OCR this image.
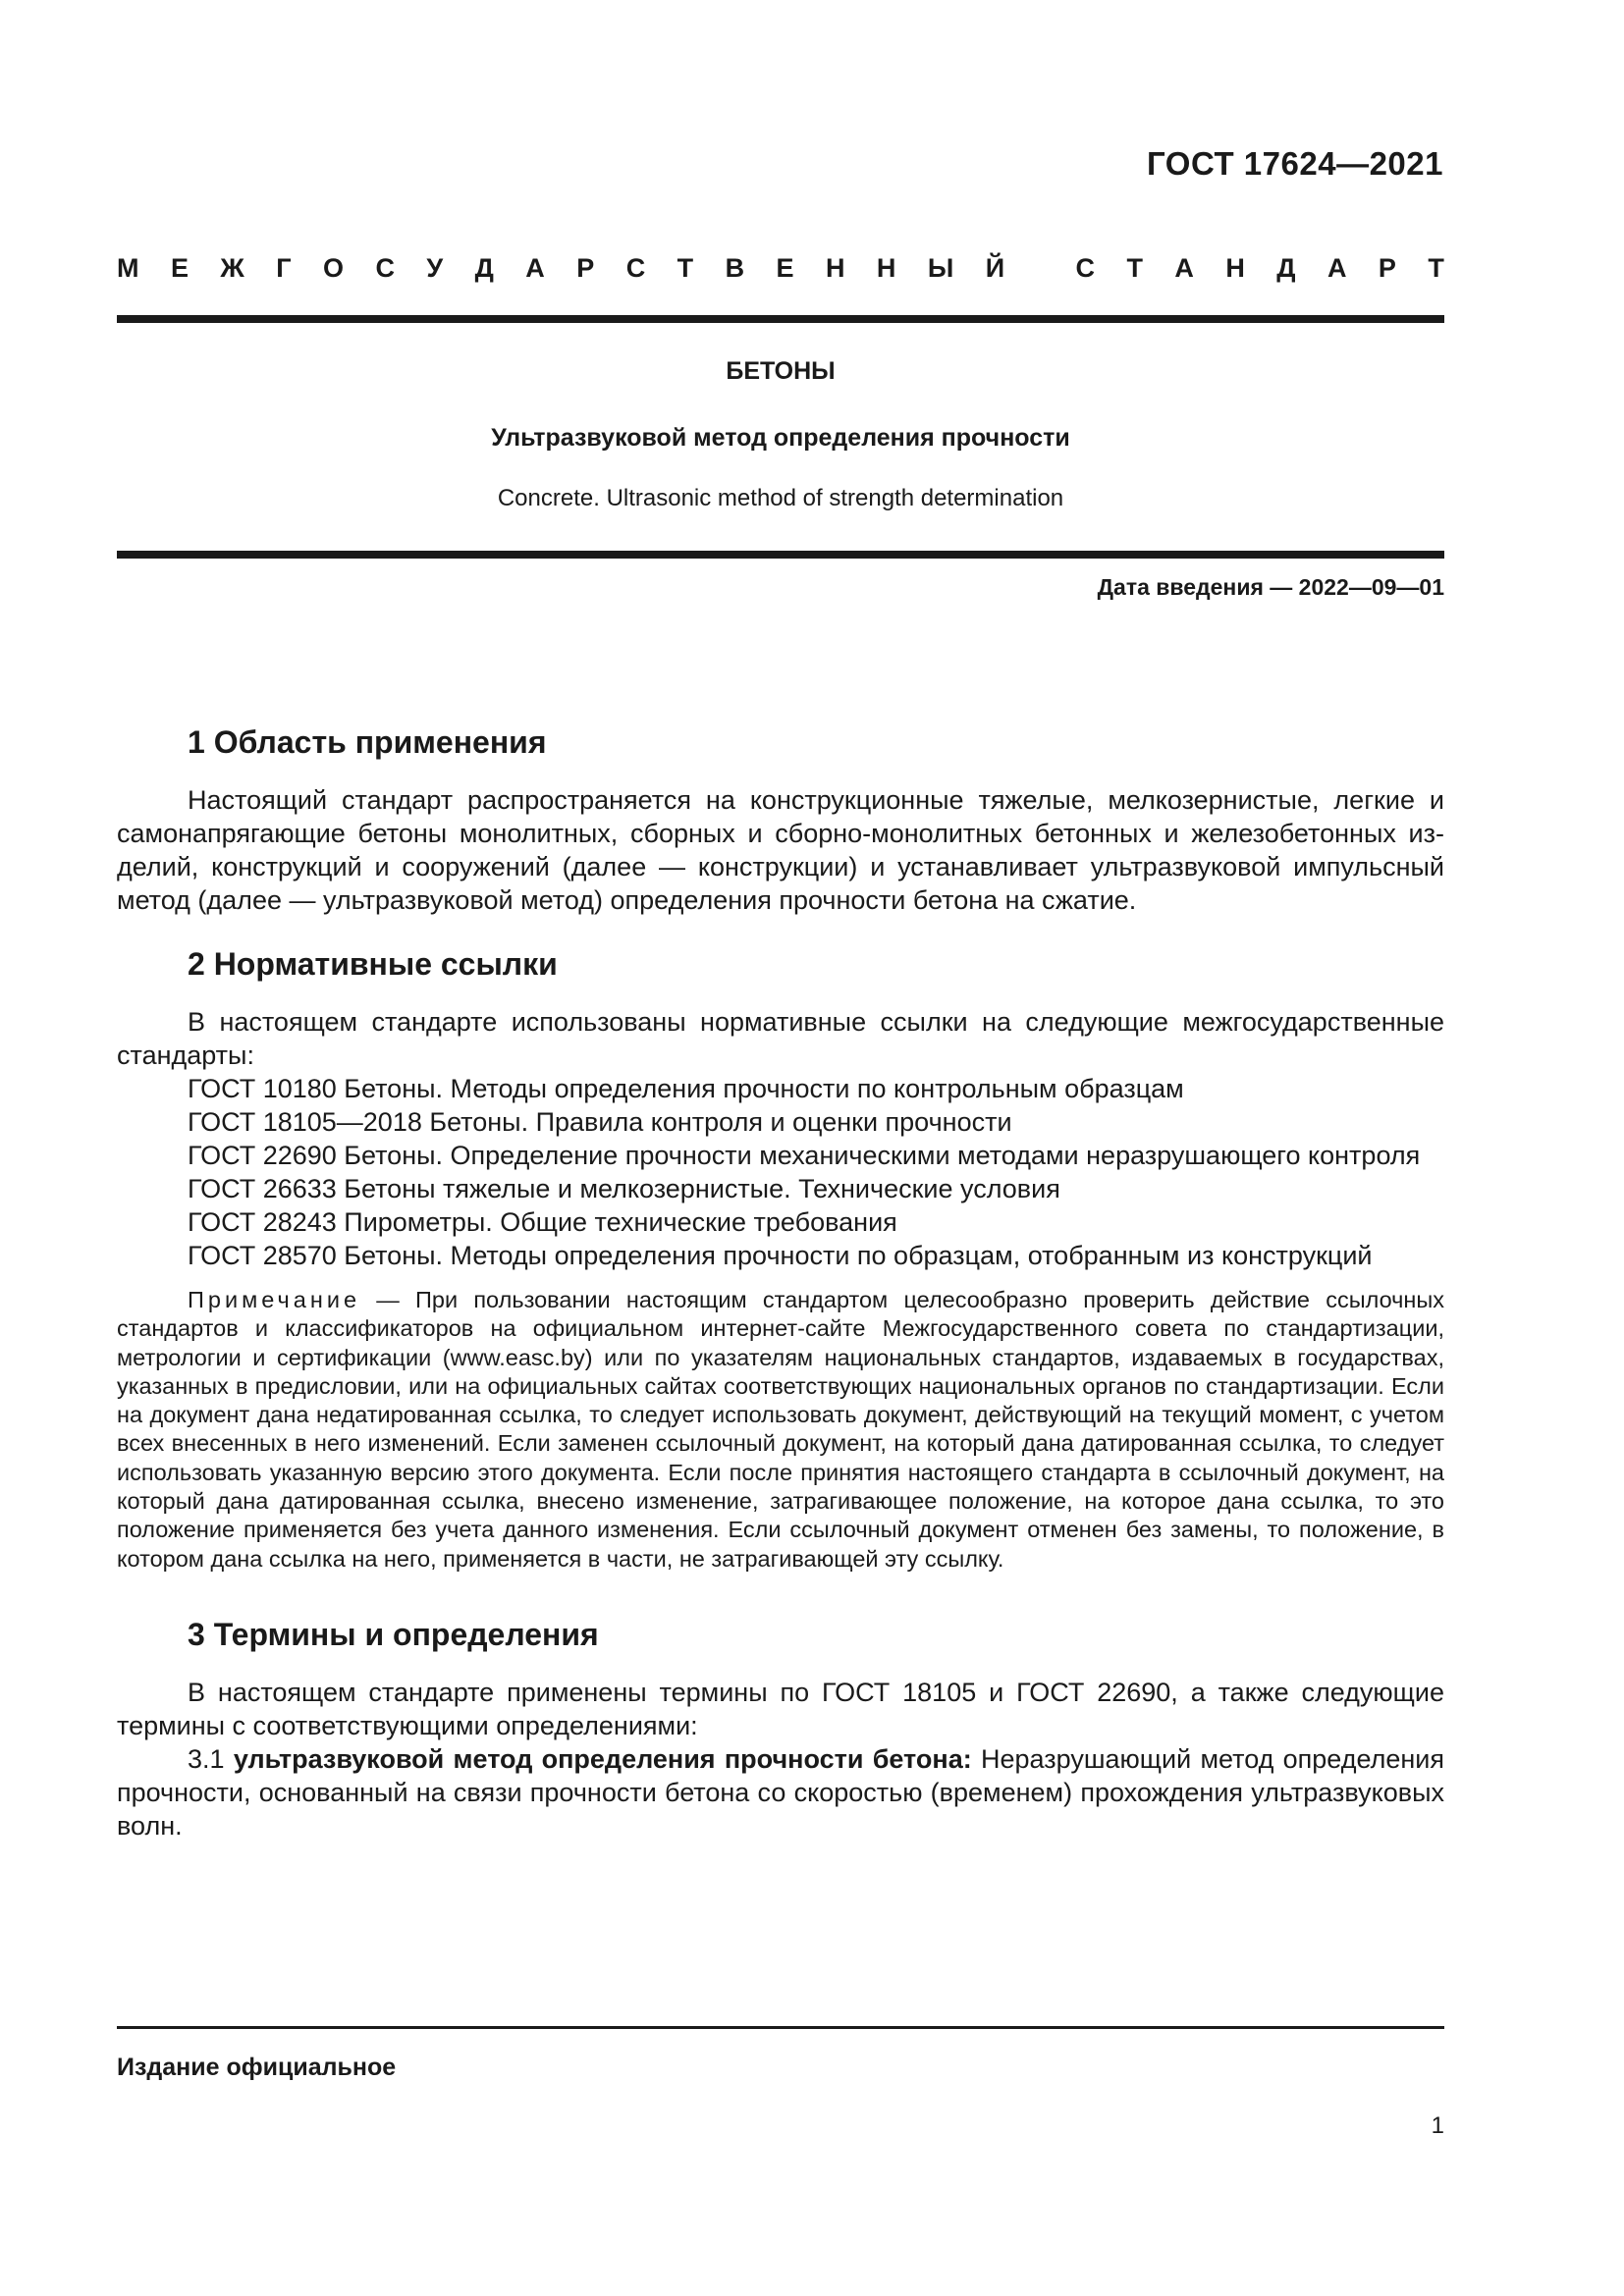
ГОСТ 17624—2021
М Е Ж Г О С У Д А Р С Т В Е Н Н Ы Й
	С Т А Н Д А Р Т
БЕТОНЫ
Ультразвуковой метод определения прочности
Concrete. Ultrasonic method of strength determination
Дата введения — 2022—09—01
1 Область применения

Настоящий стандарт распространяется на конструкционные тяжелые, мелкозернистые, легкие и самонапрягающие бетоны монолитных, сборных и сборно-монолитных бетонных и железобетонных изделий, конструкций и сооружений (далее — конструкции) и устанавливает ультразвуковой импульсный метод (далее — ультразвуковой метод) определения прочности бетона на сжатие.

2 Нормативные ссылки

В настоящем стандарте использованы нормативные ссылки на следующие межгосударственные стандарты:

ГОСТ 10180 Бетоны. Методы определения прочности по контрольным образцам

ГОСТ 18105—2018 Бетоны. Правила контроля и оценки прочности

ГОСТ 22690 Бетоны. Определение прочности механическими методами неразрушающего контроля

ГОСТ 26633 Бетоны тяжелые и мелкозернистые. Технические условия

ГОСТ 28243 Пирометры. Общие технические требования

ГОСТ 28570 Бетоны. Методы определения прочности по образцам, отобранным из конструкций

Примечание — При пользовании настоящим стандартом целесообразно проверить действие ссылочных стандартов и классификаторов на официальном интернет-сайте Межгосударственного совета по стандартизации, метрологии и сертификации (www.easc.by) или по указателям национальных стандартов, издаваемых в государствах, указанных в предисловии, или на официальных сайтах соответствующих национальных органов по стандартизации. Если на документ дана недатированная ссылка, то следует использовать документ, действующий на текущий момент, с учетом всех внесенных в него изменений. Если заменен ссылочный документ, на который дана датированная ссылка, то следует использовать указанную версию этого документа. Если после принятия настоящего стандарта в ссылочный документ, на который дана датированная ссылка, внесено изменение, затрагивающее положение, на которое дана ссылка, то это положение применяется без учета данного изменения. Если ссылочный документ отменен без замены, то положение, в котором дана ссылка на него, применяется в части, не затрагивающей эту ссылку.
3 Термины и определения

В настоящем стандарте применены термины по ГОСТ 18105 и ГОСТ 22690, а также следующие термины с соответствующими определениями:

3.1 ультразвуковой метод определения прочности бетона: Неразрушающий метод определения прочности, основанный на связи прочности бетона со скоростью (временем) прохождения ультразвуковых волн.

Издание официальное
1
